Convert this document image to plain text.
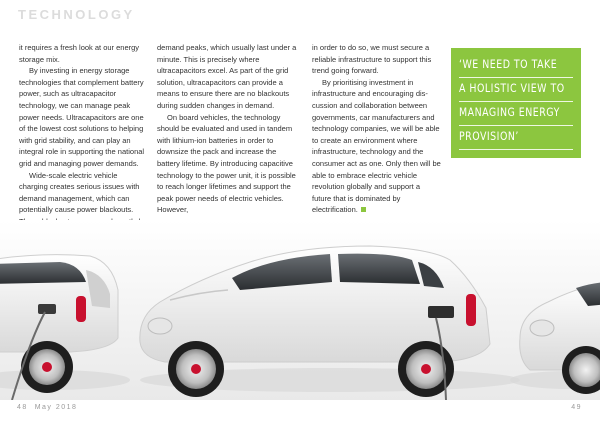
TECHNOLOGY

it requires a fresh look at our energy storage mix.

By investing in energy storage technologies that complement battery power, such as ultracapacitor technology, we can manage peak power needs. Ultracapacitors are one of the lowest cost solutions to helping with grid stability, and can play an integral role in supporting the national grid and managing power demands.

Wide-scale electric vehicle charging creates serious issues with demand management, which can potentially cause power blackouts.

demand peaks, which usually last under a minute. This is precisely where ultracapacitors excel. As part of the grid solution, ultracapacitors can provide a means to ensure there are no blackouts during sudden changes in demand.

On board vehicles, the technology should be evaluated and used in tandem with lithium-ion batteries in order to downsize the pack and increase the battery lifetime. By introducing capacitive technology to the power unit, it is possible to reach longer lifetimes and support the peak power needs of electric vehicles. However,

in order to do so, we must secure a reliable infrastructure to support this trend going forward.

By prioritising investment in infrastructure and encouraging dis-cussion and collaboration between governments, car manufacturers and technology companies, we will be able to create an environment where infrastructure, technology and the consumer act as one. Only then will be able to embrace electric vehicle revolution globally and support a future that is dominated by electrification.

‘WE NEED TO TAKE
A HOLISTIC VIEW TO
MANAGING ENERGY
PROVISION’
48 May 2018	49
